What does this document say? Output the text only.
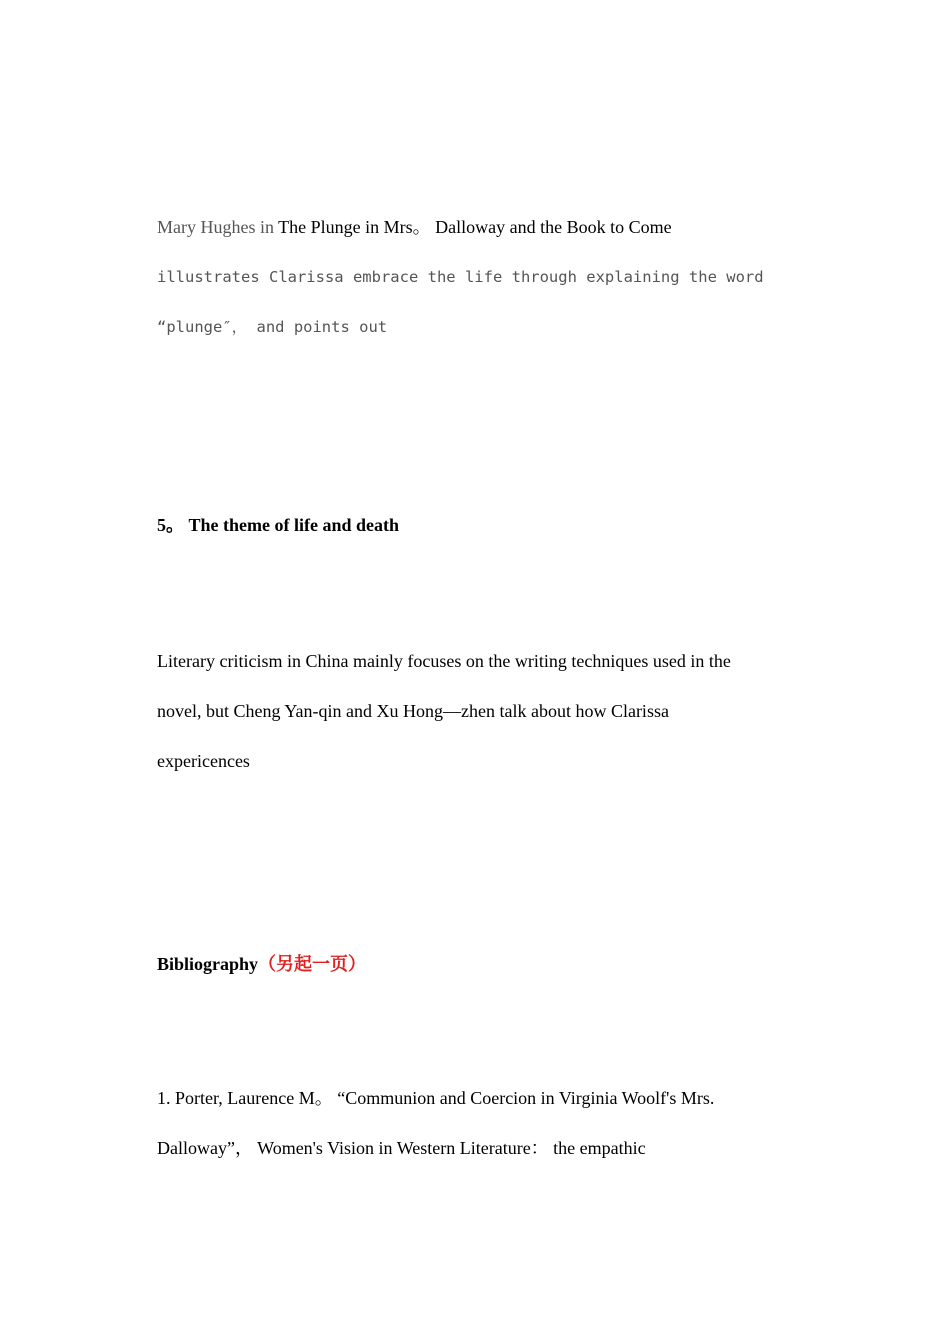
Mary Hughes in The Plunge in Mrs。 Dalloway and the Book to Come
illustrates Clarissa embrace the life through explaining the word
“plunge″， and points out
5。 The theme of life and death
Literary criticism in China mainly focuses on the writing techniques used in the
novel, but Cheng Yan-qin and Xu Hong—zhen talk about how Clarissa
expericences
Bibliography（另起一页）
1. Porter, Laurence M。 “Communion and Coercion in Virginia Woolf's Mrs.
Dalloway”， Women's Vision in Western Literature： the empathic
